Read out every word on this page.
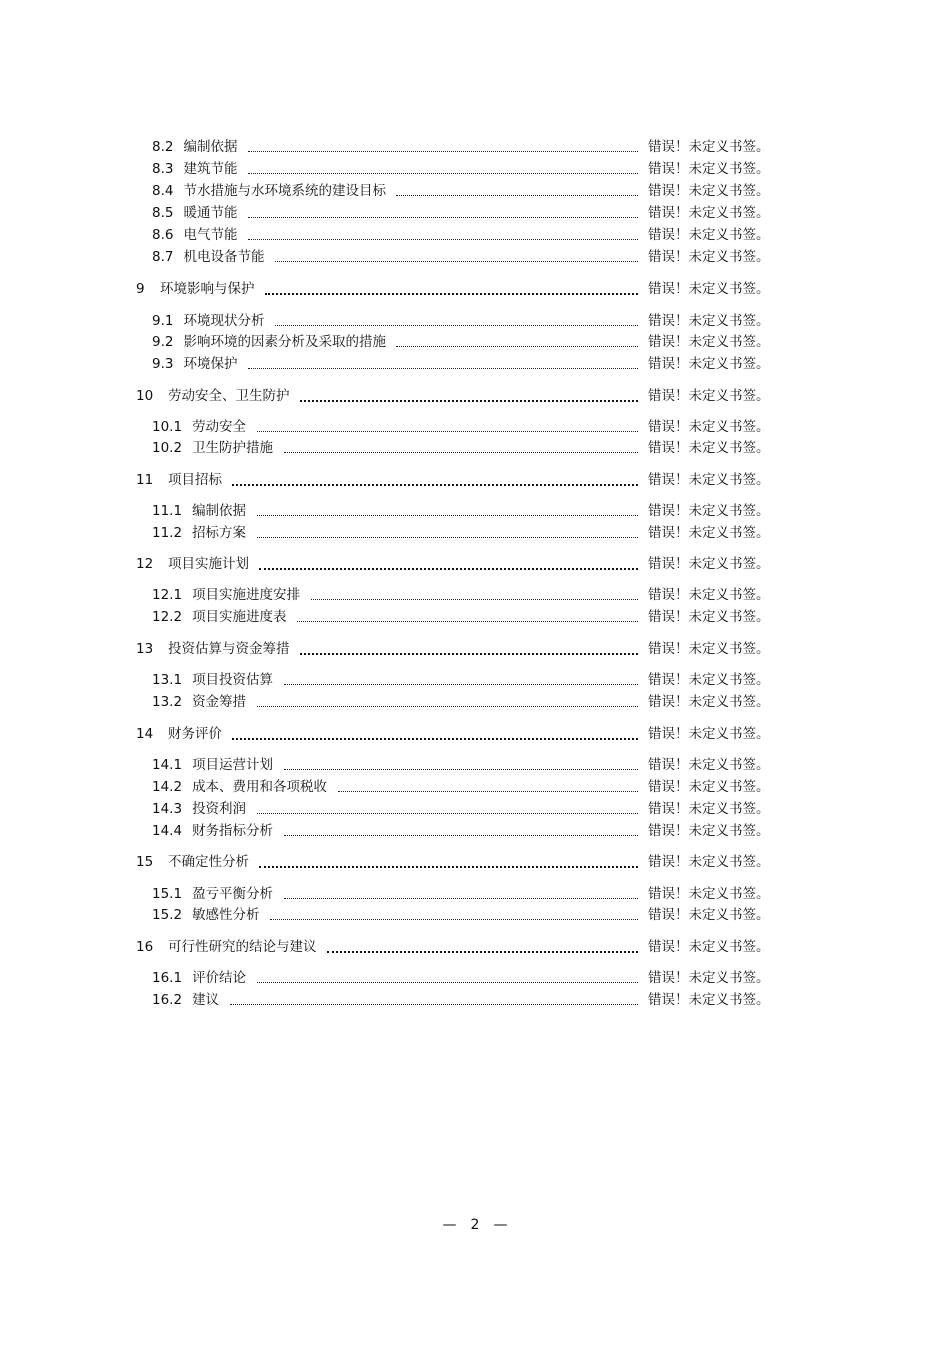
8.2 编制依据	错误！未定义书签。
8.3 建筑节能	错误！未定义书签。
8.4 节水措施与水环境系统的建设目标	错误！未定义书签。
8.5 暖通节能	错误！未定义书签。
8.6 电气节能	错误！未定义书签。
8.7 机电设备节能	错误！未定义书签。
9	环境影响与保护	错误！未定义书签。
9.1 环境现状分析	错误！未定义书签。
9.2 影响环境的因素分析及采取的措施	错误！未定义书签。
9.3 环境保护	错误！未定义书签。
10	劳动安全、卫生防护	错误！未定义书签。
10.1 劳动安全	错误！未定义书签。
10.2 卫生防护措施	错误！未定义书签。
11	项目招标	错误！未定义书签。
11.1 编制依据	错误！未定义书签。
11.2 招标方案	错误！未定义书签。
12	项目实施计划	错误！未定义书签。
12.1 项目实施进度安排	错误！未定义书签。
12.2 项目实施进度表	错误！未定义书签。
13	投资估算与资金筹措	错误！未定义书签。
13.1 项目投资估算	错误！未定义书签。
13.2 资金筹措	错误！未定义书签。
14	财务评价	错误！未定义书签。
14.1 项目运营计划	错误！未定义书签。
14.2 成本、费用和各项税收	错误！未定义书签。
14.3 投资利润	错误！未定义书签。
14.4 财务指标分析	错误！未定义书签。
15	不确定性分析	错误！未定义书签。
15.1 盈亏平衡分析	错误！未定义书签。
15.2 敏感性分析	错误！未定义书签。
16	可行性研究的结论与建议	错误！未定义书签。
16.1 评价结论	错误！未定义书签。
16.2 建议	错误！未定义书签。
—　2　—
